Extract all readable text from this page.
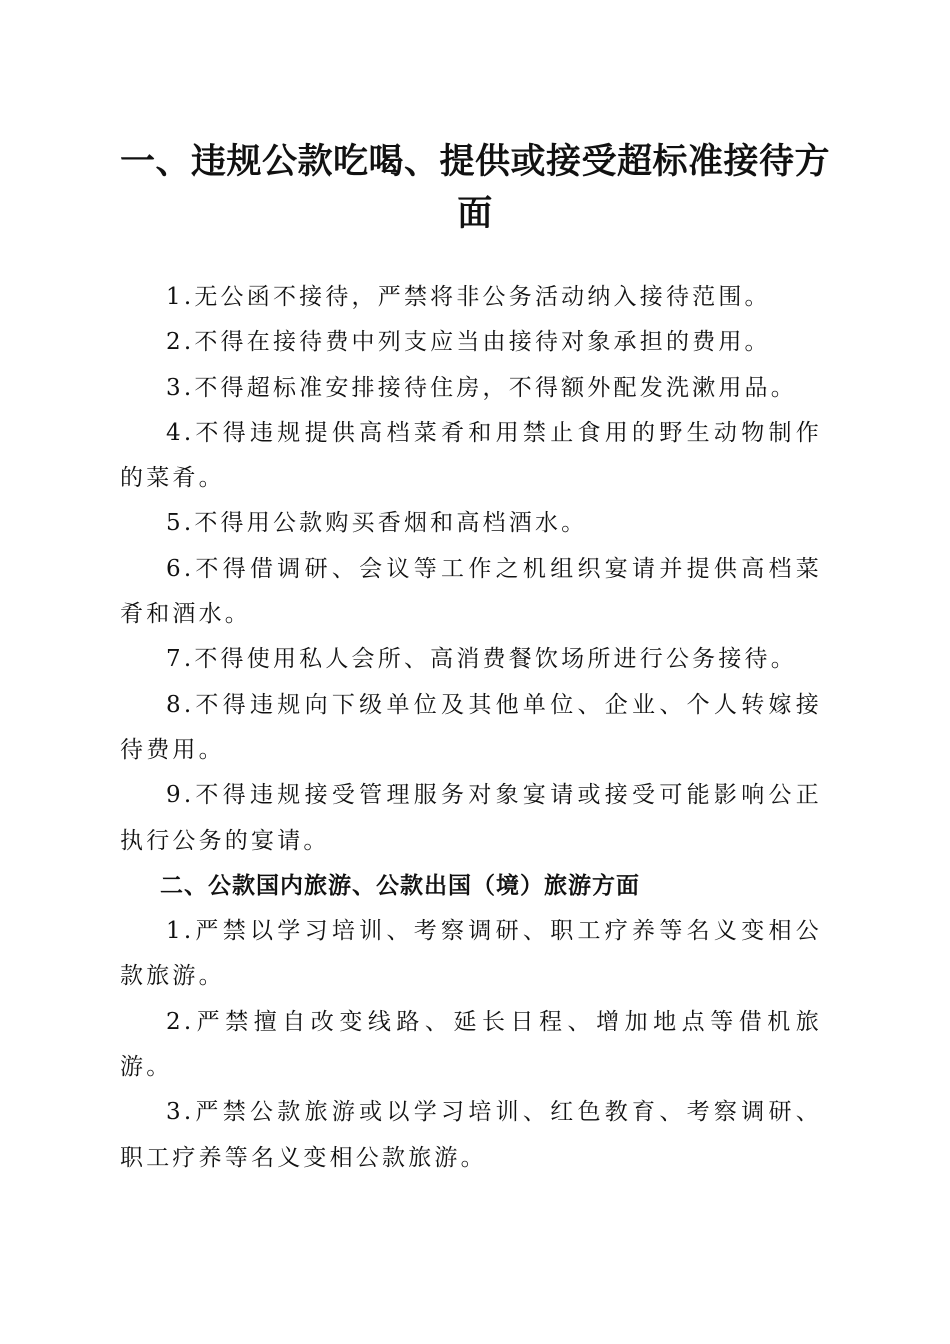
一、违规公款吃喝、提供或接受超标准接待方面

1.无公函不接待，严禁将非公务活动纳入接待范围。

2.不得在接待费中列支应当由接待对象承担的费用。

3.不得超标准安排接待住房，不得额外配发洗漱用品。

4.不得违规提供高档菜肴和用禁止食用的野生动物制作的菜肴。

5.不得用公款购买香烟和高档酒水。

6.不得借调研、会议等工作之机组织宴请并提供高档菜肴和酒水。

7.不得使用私人会所、高消费餐饮场所进行公务接待。

8.不得违规向下级单位及其他单位、企业、个人转嫁接待费用。

9.不得违规接受管理服务对象宴请或接受可能影响公正执行公务的宴请。

二、公款国内旅游、公款出国（境）旅游方面

1.严禁以学习培训、考察调研、职工疗养等名义变相公款旅游。

2.严禁擅自改变线路、延长日程、增加地点等借机旅游。

3.严禁公款旅游或以学习培训、红色教育、考察调研、职工疗养等名义变相公款旅游。
